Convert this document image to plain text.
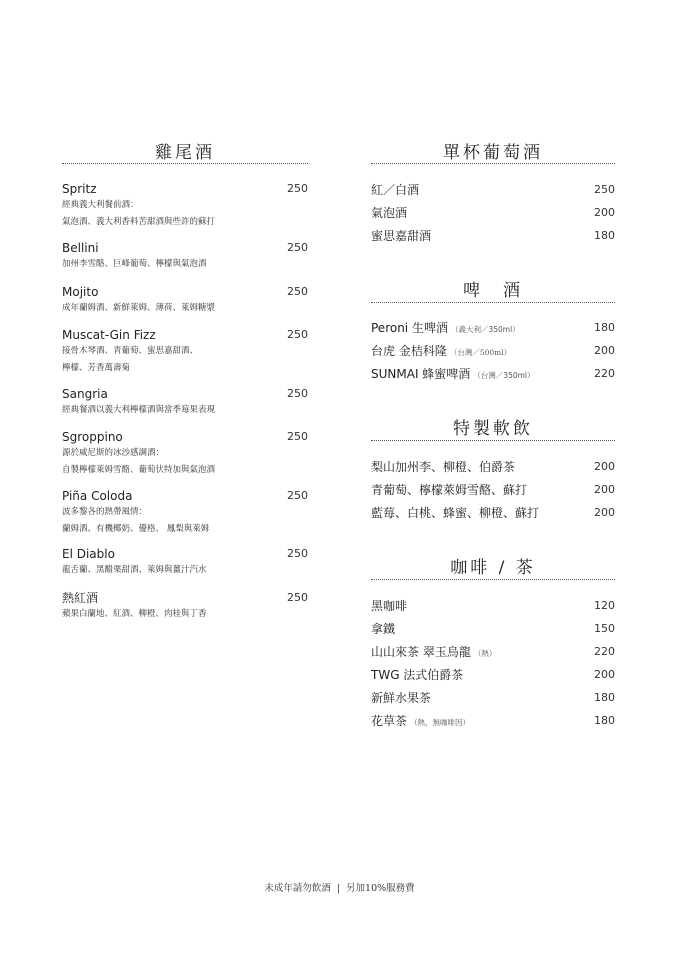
雞尾酒
Spritz	250
經典義大利餐前酒：
氣泡酒、義大利香料苦甜酒與些許的蘇打
Bellini	250
加州李雪酪、巨峰葡萄、檸檬與氣泡酒
Mojito	250
成年蘭姆酒、新鮮萊姆、薄荷、萊姆糖漿
Muscat-Gin Fizz	250
接骨木琴酒、青葡萄、蜜思嘉甜酒、
檸檬、芳香萬壽菊
Sangria	250
經典餐酒以義大利檸檬酒與當季莓果表現
Sgroppino	250
源於威尼斯的冰沙感調酒：
自製檸檬萊姆雪酪、葡萄伏特加與氣泡酒
Piña Coloda	250
波多黎各的熱帶風情：
蘭姆酒、有機椰奶、優格、 鳳梨與萊姆
El Diablo	250
龍舌蘭、黑醋栗甜酒、萊姆與薑汁汽水
熱紅酒	250
蘋果白蘭地、紅酒、柳橙、肉桂與丁香
單杯葡萄酒
紅／白酒	250
氣泡酒	200
蜜思嘉甜酒	180
啤　酒
Peroni 生啤酒 （義大利／350ml）	180
台虎 金桔科隆 （台灣／500ml）	200
SUNMAI 蜂蜜啤酒 （台灣／350ml）	220
特製軟飲
梨山加州李、柳橙、伯爵茶	200
青葡萄、檸檬萊姆雪酪、蘇打	200
藍莓、白桃、蜂蜜、柳橙、蘇打	200
咖啡 / 茶
黑咖啡	120
拿鐵	150
山山來茶 翠玉烏龍 （熱）	220
TWG 法式伯爵茶	200
新鮮水果茶	180
花草茶 （熱，無咖啡因）	180
未成年請勿飲酒 | 另加10%服務費
